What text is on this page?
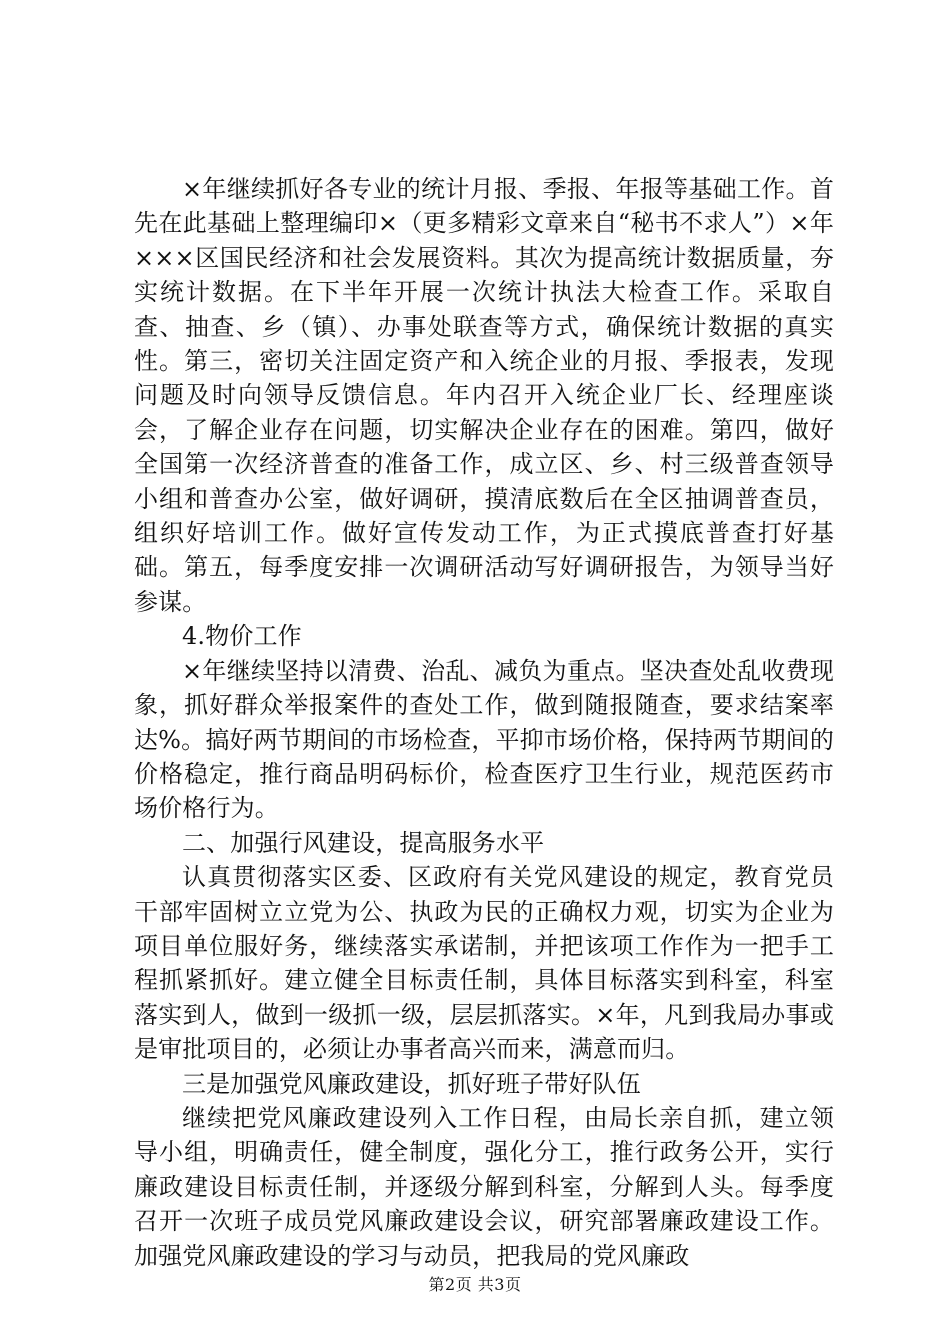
×年继续抓好各专业的统计月报、季报、年报等基础工作。首先在此基础上整理编印×（更多精彩文章来自“秘书不求人”）×年×××区国民经济和社会发展资料。其次为提高统计数据质量，夯实统计数据。在下半年开展一次统计执法大检查工作。采取自查、抽查、乡（镇）、办事处联查等方式，确保统计数据的真实性。第三，密切关注固定资产和入统企业的月报、季报表，发现问题及时向领导反馈信息。年内召开入统企业厂长、经理座谈会，了解企业存在问题，切实解决企业存在的困难。第四，做好全国第一次经济普查的准备工作，成立区、乡、村三级普查领导小组和普查办公室，做好调研，摸清底数后在全区抽调普查员，组织好培训工作。做好宣传发动工作，为正式摸底普查打好基础。第五，每季度安排一次调研活动写好调研报告，为领导当好参谋。

4.物价工作

×年继续坚持以清费、治乱、减负为重点。坚决查处乱收费现象，抓好群众举报案件的查处工作，做到随报随查，要求结案率达%。搞好两节期间的市场检查，平抑市场价格，保持两节期间的价格稳定，推行商品明码标价，检查医疗卫生行业，规范医药市场价格行为。

二、加强行风建设，提高服务水平

认真贯彻落实区委、区政府有关党风建设的规定，教育党员干部牢固树立立党为公、执政为民的正确权力观，切实为企业为项目单位服好务，继续落实承诺制，并把该项工作作为一把手工程抓紧抓好。建立健全目标责任制，具体目标落实到科室，科室落实到人，做到一级抓一级，层层抓落实。×年，凡到我局办事或是审批项目的，必须让办事者高兴而来，满意而归。

三是加强党风廉政建设，抓好班子带好队伍

继续把党风廉政建设列入工作日程，由局长亲自抓，建立领导小组，明确责任，健全制度，强化分工，推行政务公开，实行廉政建设目标责任制，并逐级分解到科室，分解到人头。每季度召开一次班子成员党风廉政建设会议，研究部署廉政建设工作。加强党风廉政建设的学习与动员，把我局的党风廉政

第2页 共3页
